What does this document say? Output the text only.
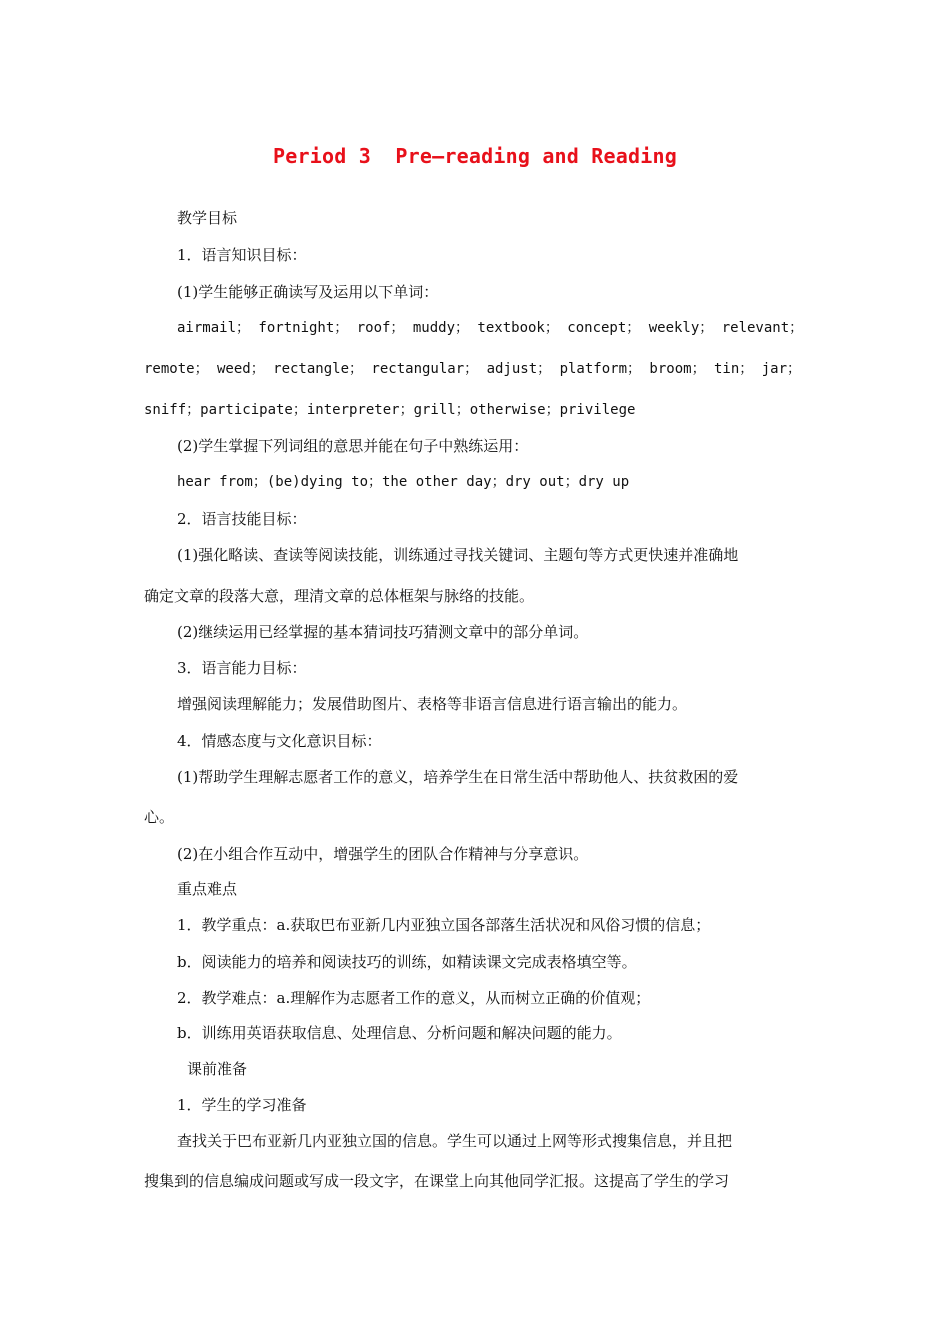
Period 3  Pre—reading and Reading
教学目标
1．语言知识目标：
(1)学生能够正确读写及运用以下单词：
airmail； fortnight； roof； muddy； textbook； concept； weekly； relevant；
remote； weed； rectangle； rectangular； adjust； platform； broom； tin； jar；
sniff；participate；interpreter；grill；otherwise；privilege
(2)学生掌握下列词组的意思并能在句子中熟练运用：
hear from；(be)dying to；the other day；dry out；dry up
2．语言技能目标：
(1)强化略读、查读等阅读技能，训练通过寻找关键词、主题句等方式更快速并准确地
确定文章的段落大意，理清文章的总体框架与脉络的技能。
(2)继续运用已经掌握的基本猜词技巧猜测文章中的部分单词。
3．语言能力目标：
增强阅读理解能力；发展借助图片、表格等非语言信息进行语言输出的能力。
4．情感态度与文化意识目标：
(1)帮助学生理解志愿者工作的意义，培养学生在日常生活中帮助他人、扶贫救困的爱
心。
(2)在小组合作互动中，增强学生的团队合作精神与分享意识。
重点难点
1．教学重点：a.获取巴布亚新几内亚独立国各部落生活状况和风俗习惯的信息；
b．阅读能力的培养和阅读技巧的训练，如精读课文完成表格填空等。
2．教学难点：a.理解作为志愿者工作的意义，从而树立正确的价值观；
b．训练用英语获取信息、处理信息、分析问题和解决问题的能力。
课前准备
1．学生的学习准备
查找关于巴布亚新几内亚独立国的信息。学生可以通过上网等形式搜集信息，并且把
搜集到的信息编成问题或写成一段文字，在课堂上向其他同学汇报。这提高了学生的学习
